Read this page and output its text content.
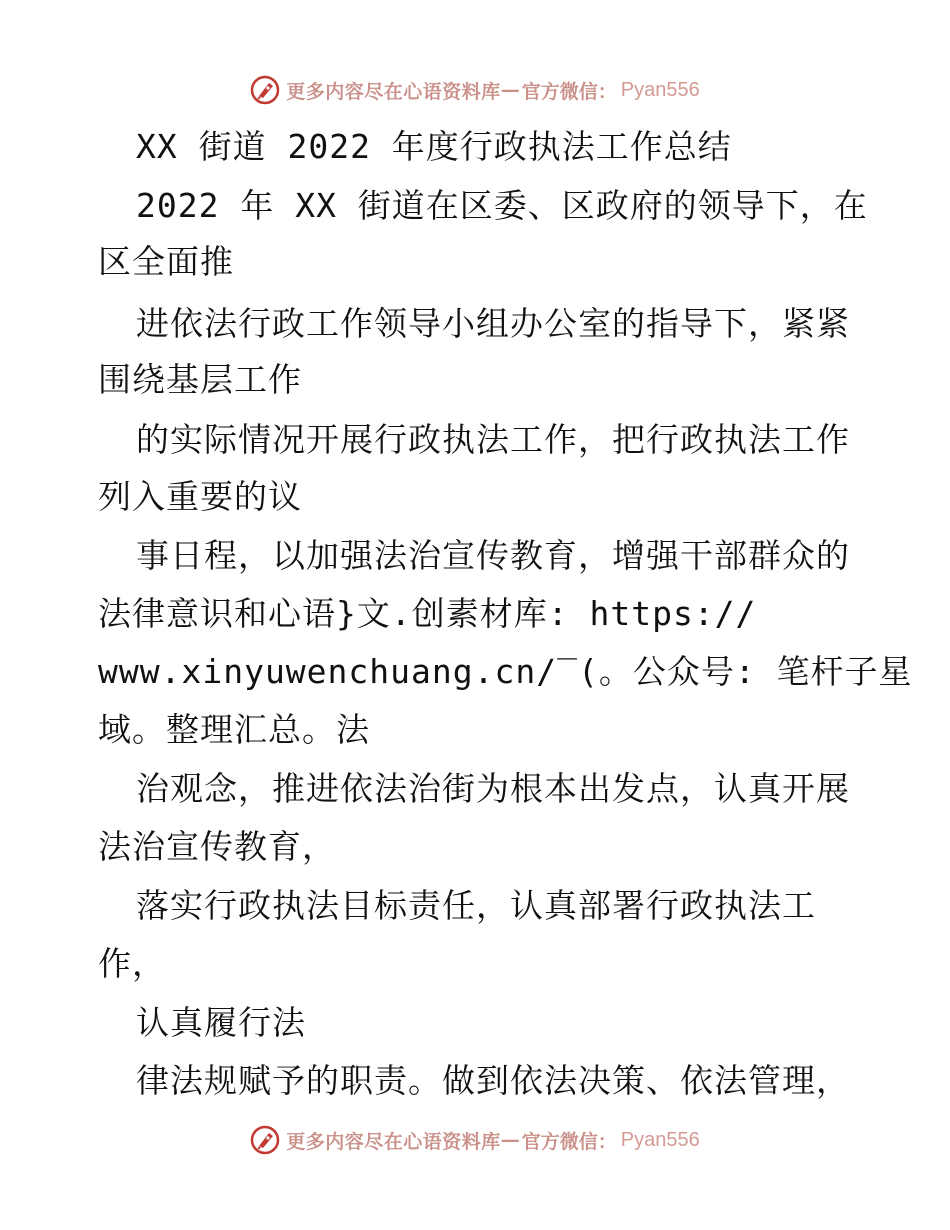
更多内容尽在心语资料库 — 官方微信： Pyan556
XX 街道 2022 年度行政执法工作总结
2022 年 XX 街道在区委、区政府的领导下，在
区全面推
进依法行政工作领导小组办公室的指导下，紧紧
围绕基层工作
的实际情况开展行政执法工作，把行政执法工作
列入重要的议
事日程，以加强法治宣传教育，增强干部群众的
法律意识和心语}文.创素材库: https://
www.xinyuwenchuang.cn/‾(。公众号: 笔杆子星
域。整理汇总。法
治观念，推进依法治街为根本出发点，认真开展
法治宣传教育，
落实行政执法目标责任，认真部署行政执法工
作，
认真履行法
律法规赋予的职责。做到依法决策、依法管理，
更多内容尽在心语资料库 — 官方微信： Pyan556
